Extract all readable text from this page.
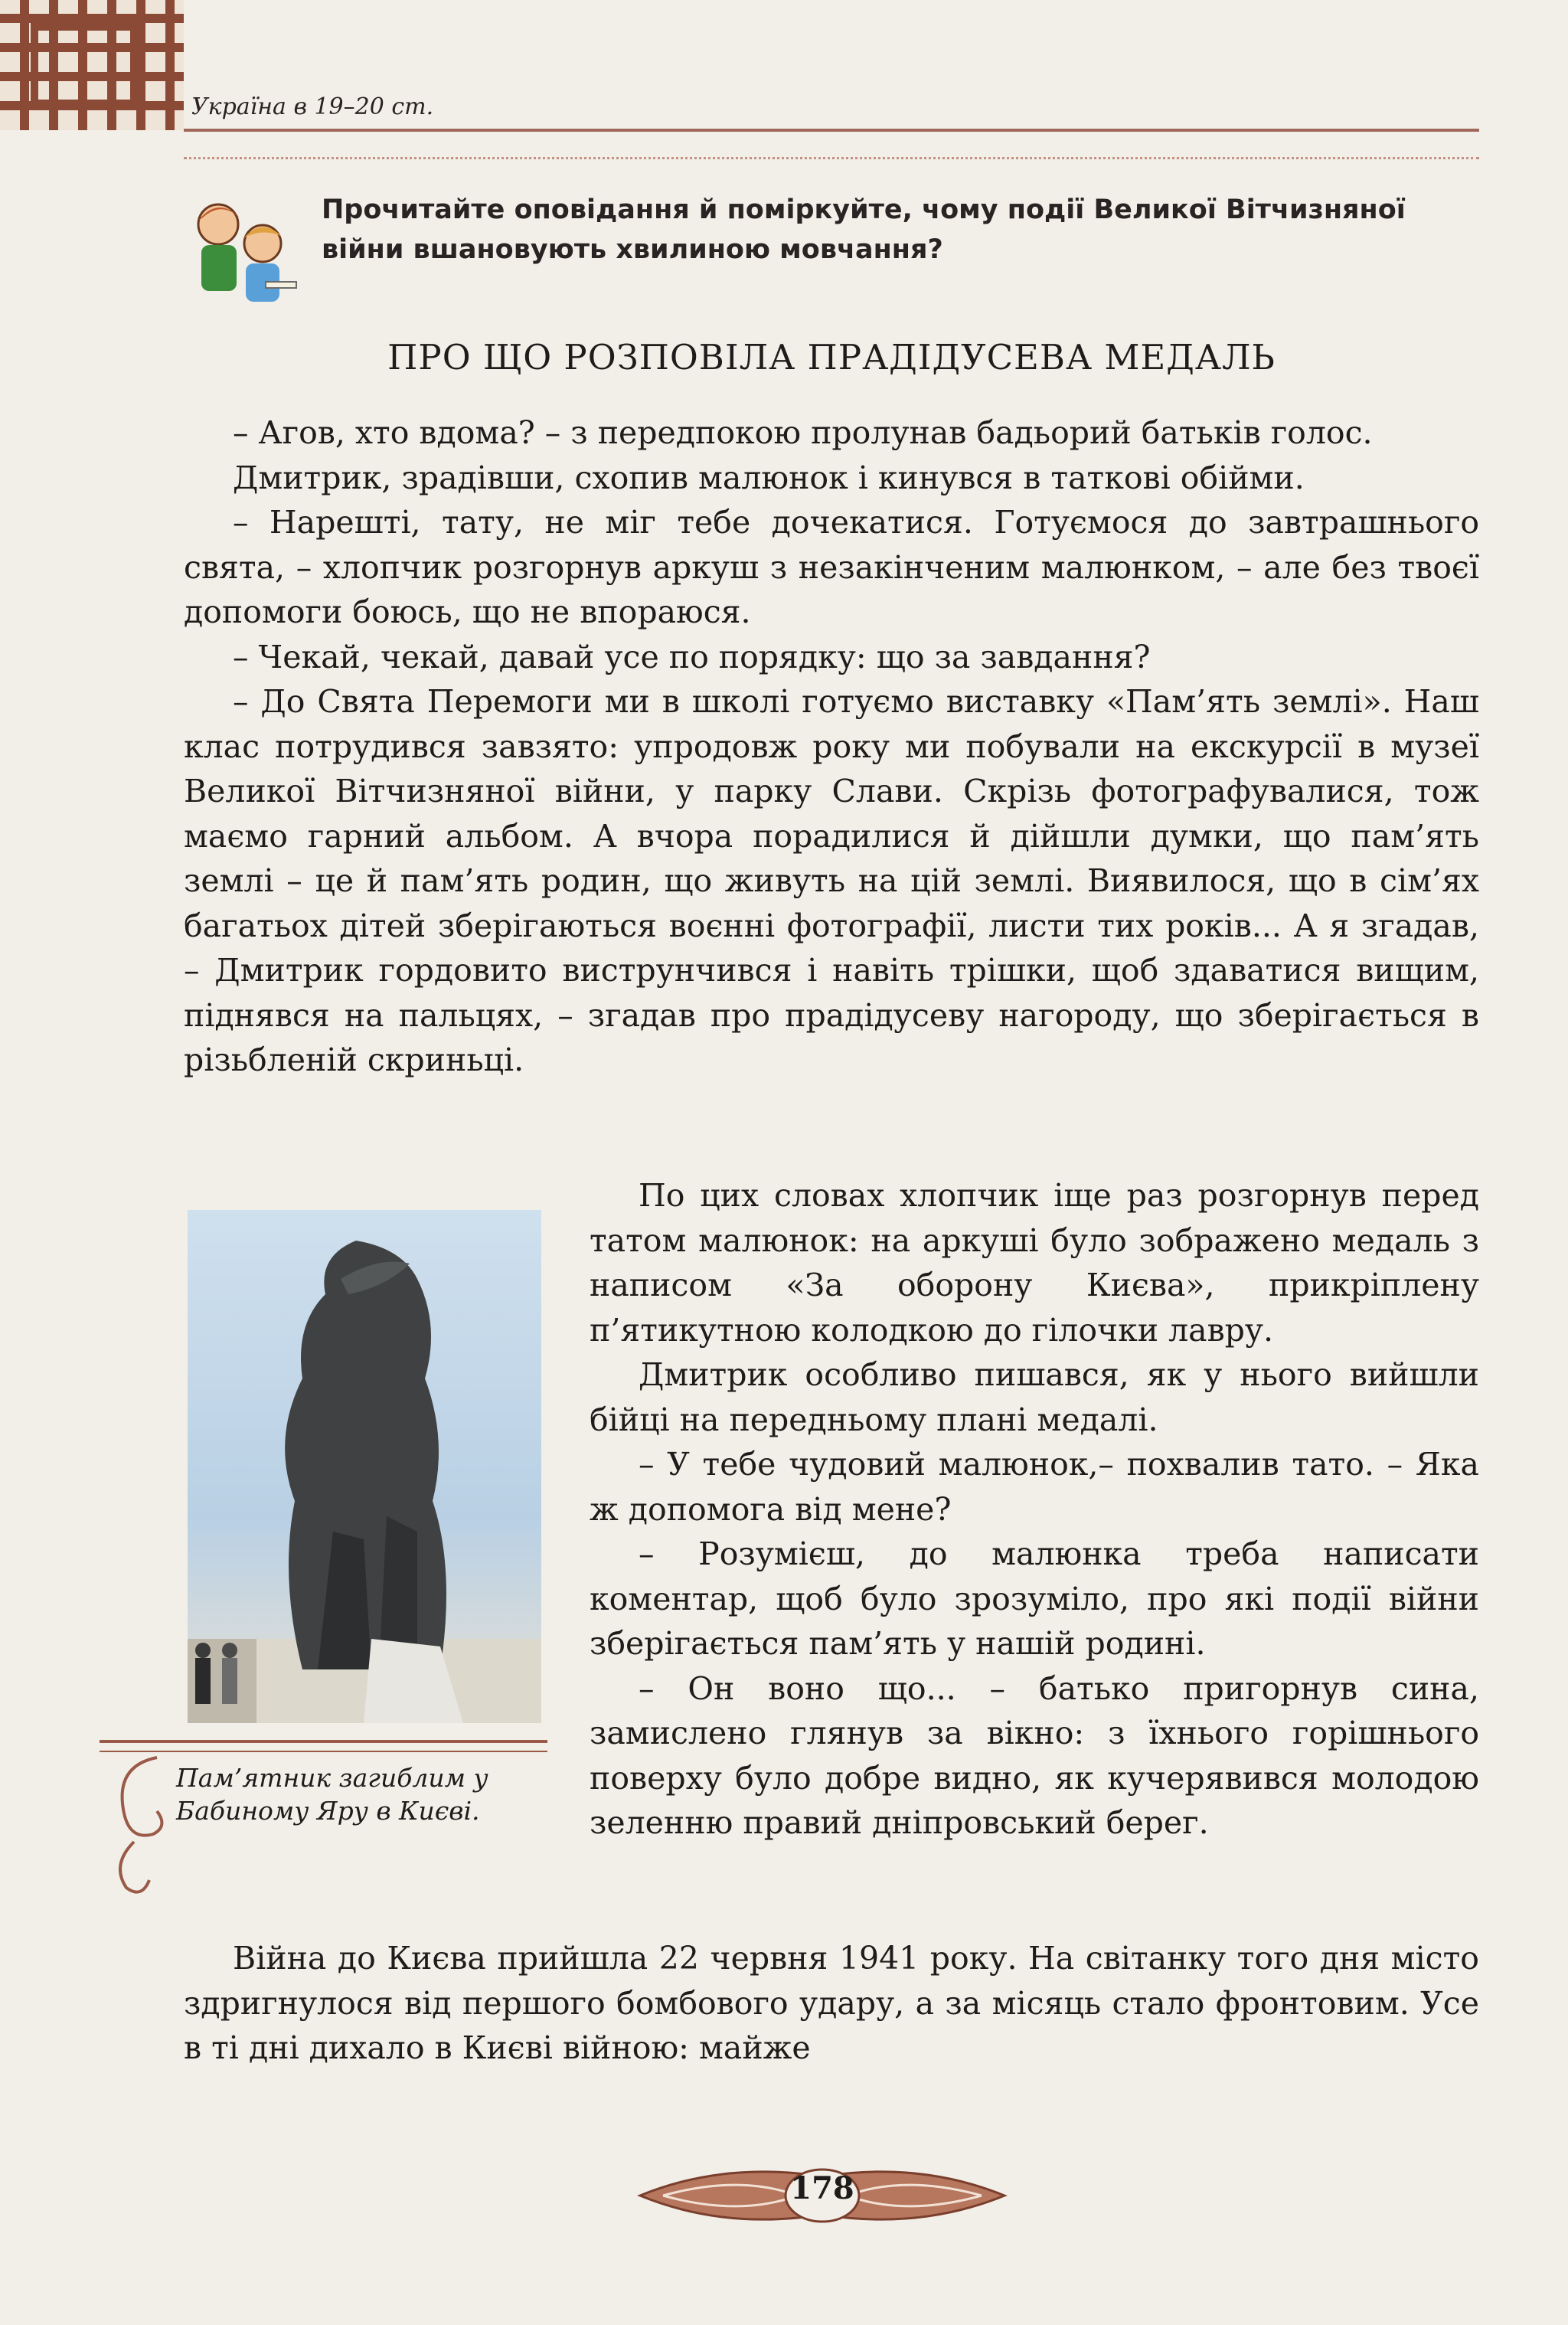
Україна в 19–20 ст.
Прочитайте оповідання й поміркуйте, чому події Великої Вітчизняної війни вшановують хвилиною мовчання?
ПРО ЩО РОЗПОВІЛА ПРАДІДУСЕВА МЕДАЛЬ

– Агов, хто вдома? – з передпокою пролунав бадьорий батьків голос.

Дмитрик, зрадівши, схопив малюнок і кинувся в таткові обійми.

– Нарешті, тату, не міг тебе дочекатися. Готуємося до завтрашнього свята, – хлопчик розгорнув аркуш з незакінченим малюнком, – але без твоєї допомоги боюсь, що не впораюся.

– Чекай, чекай, давай усе по порядку: що за завдання?

– До Свята Перемоги ми в школі готуємо виставку «Пам’ять землі». Наш клас потрудився завзято: упродовж року ми побували на екскурсії в музеї Великої Вітчизняної війни, у парку Слави. Скрізь фотографувалися, тож маємо гарний альбом. А вчора порадилися й дійшли думки, що пам’ять землі – це й пам’ять родин, що живуть на цій землі. Виявилося, що в сім’ях багатьох дітей зберігаються воєнні фотографії, листи тих років... А я згадав, – Дмитрик гордовито виструнчився і навіть трішки, щоб здаватися вищим, піднявся на пальцях, – згадав про прадідусеву нагороду, що зберігається в різьбленій скриньці.

Пам’ятник загиблим у Бабиному Яру в Києві.

По цих словах хлопчик іще раз розгорнув перед татом малюнок: на аркуші було зображено медаль з написом «За оборону Києва», прикріплену п’ятикутною колодкою до гілочки лавру.

Дмитрик особливо пишався, як у нього вийшли бійці на передньому плані медалі.

– У тебе чудовий малюнок,– похвалив тато. – Яка ж допомога від мене?

– Розумієш, до малюнка треба написати коментар, щоб було зрозуміло, про які події війни зберігається пам’ять у нашій родині.

– Он воно що... – батько пригорнув сина, замислено глянув за вікно: з їхнього горішнього поверху було добре видно, як кучерявився молодою зеленню правий дніпровський берег.

Війна до Києва прийшла 22 червня 1941 року. На світанку того дня місто здригнулося від першого бомбового удару, а за місяць стало фронтовим. Усе в ті дні дихало в Києві війною: майже

178
